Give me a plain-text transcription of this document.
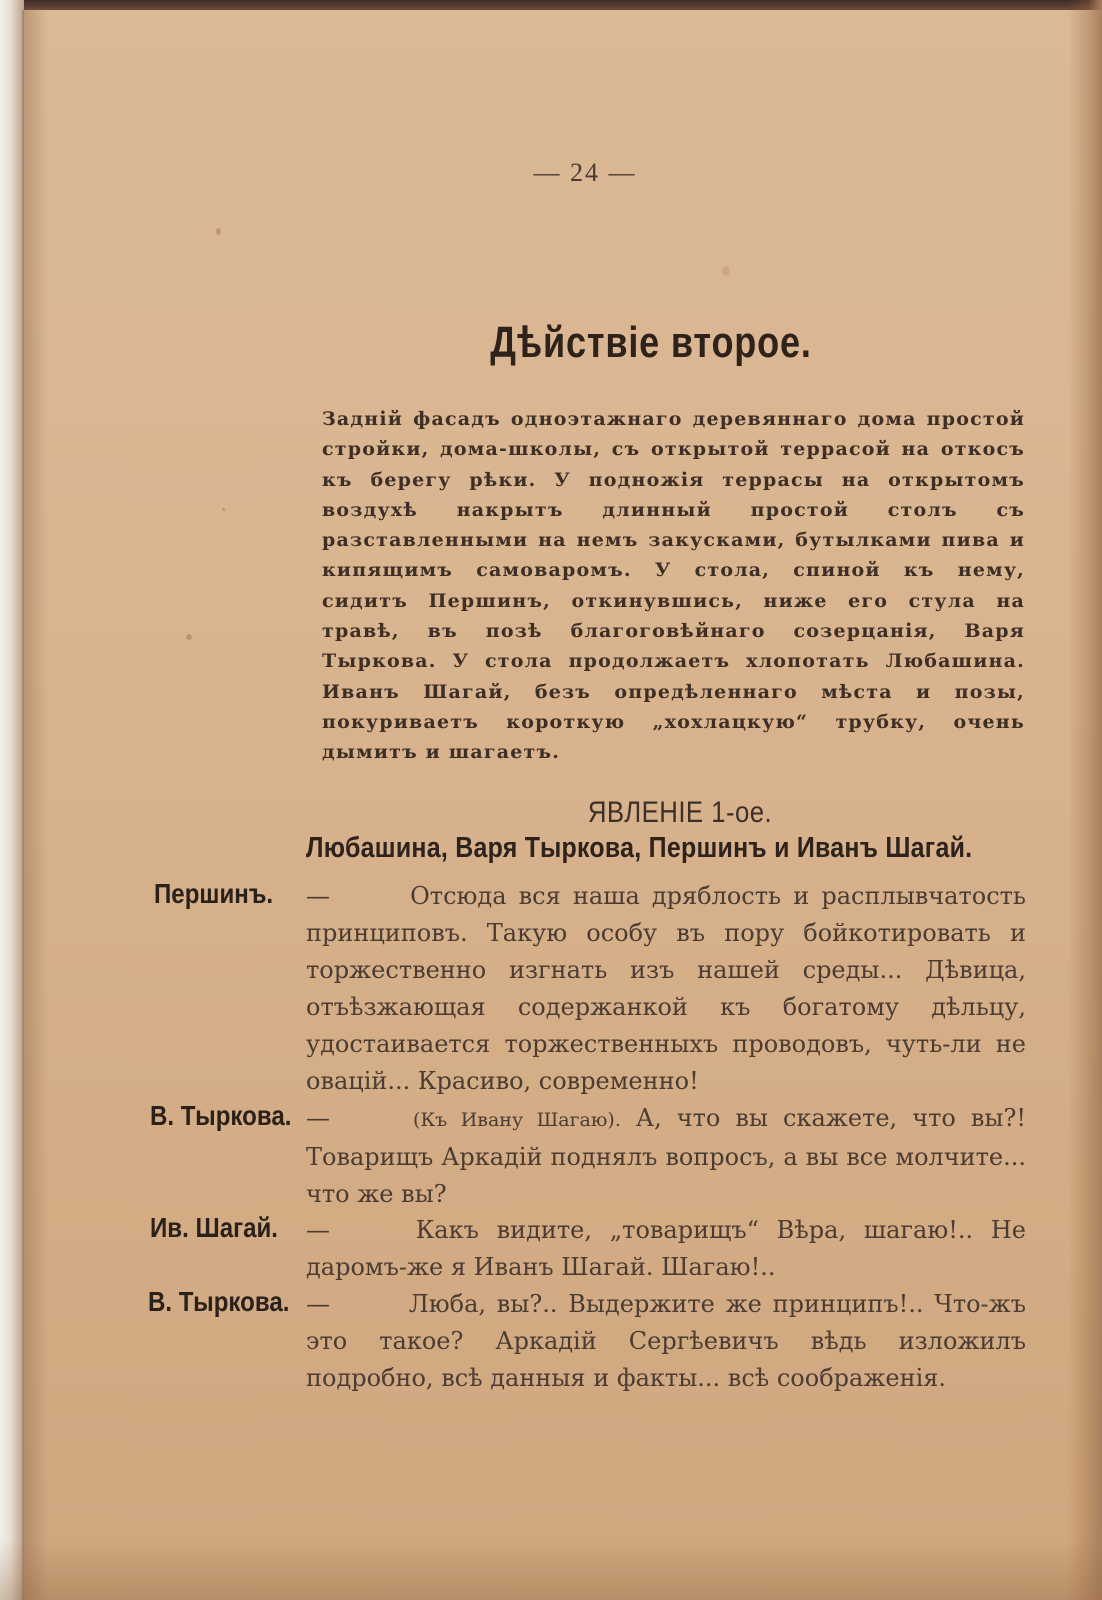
— 24 —
Дѣйствіе второе.

Заднiй фасадъ одноэтажнаго деревяннаго дома простой стройки, дома-школы, съ открытой террасой на откосъ къ берегу рѣки. У подножiя террасы на открытомъ воздухѣ накрытъ длинный простой столъ съ разставленными на немъ закусками, бутылками пива и кипящимъ самоваромъ. У стола, спиной къ нему, сидитъ Першинъ, откинувшись, ниже его стула на травѣ, въ позѣ благоговѣйнаго созерцанiя, Варя Тыркова. У стола продолжаетъ хлопотать Любашина. Иванъ Шагай, безъ опредѣленнаго мѣста и позы, покуриваетъ короткую „хохлацкую“ трубку, очень дымитъ и шагаетъ.

ЯВЛЕНIЕ 1-ое.
Любашина, Варя Тыркова, Першинъ и Иванъ Шагай.
Першинъ. —	Отсюда вся наша дряблость и расплывчатость принциповъ. Такую особу въ пору бойкотировать и торжественно изгнать изъ нашей среды... Дѣвица, отъѣзжающая содержанкой къ богатому дѣльцу, удостаивается торжественныхъ проводовъ, чуть-ли не овацiй... Красиво, современно!

В. Тыркова. —	(Къ Ивану Шагаю). А, что вы скажете, что вы?! Товарищъ Аркадiй поднялъ вопросъ, а вы все молчите... что же вы?

Ив. Шагай. —	Какъ видите, „товарищъ“ Вѣра, шагаю!.. Не даромъ-же я Иванъ Шагай. Шагаю!..

В. Тыркова. —	Люба, вы?.. Выдержите же принципъ!.. Что-жъ это такое? Аркадiй Сергѣевичъ вѣдь изложилъ подробно, всѣ данныя и факты... всѣ соображенiя.
